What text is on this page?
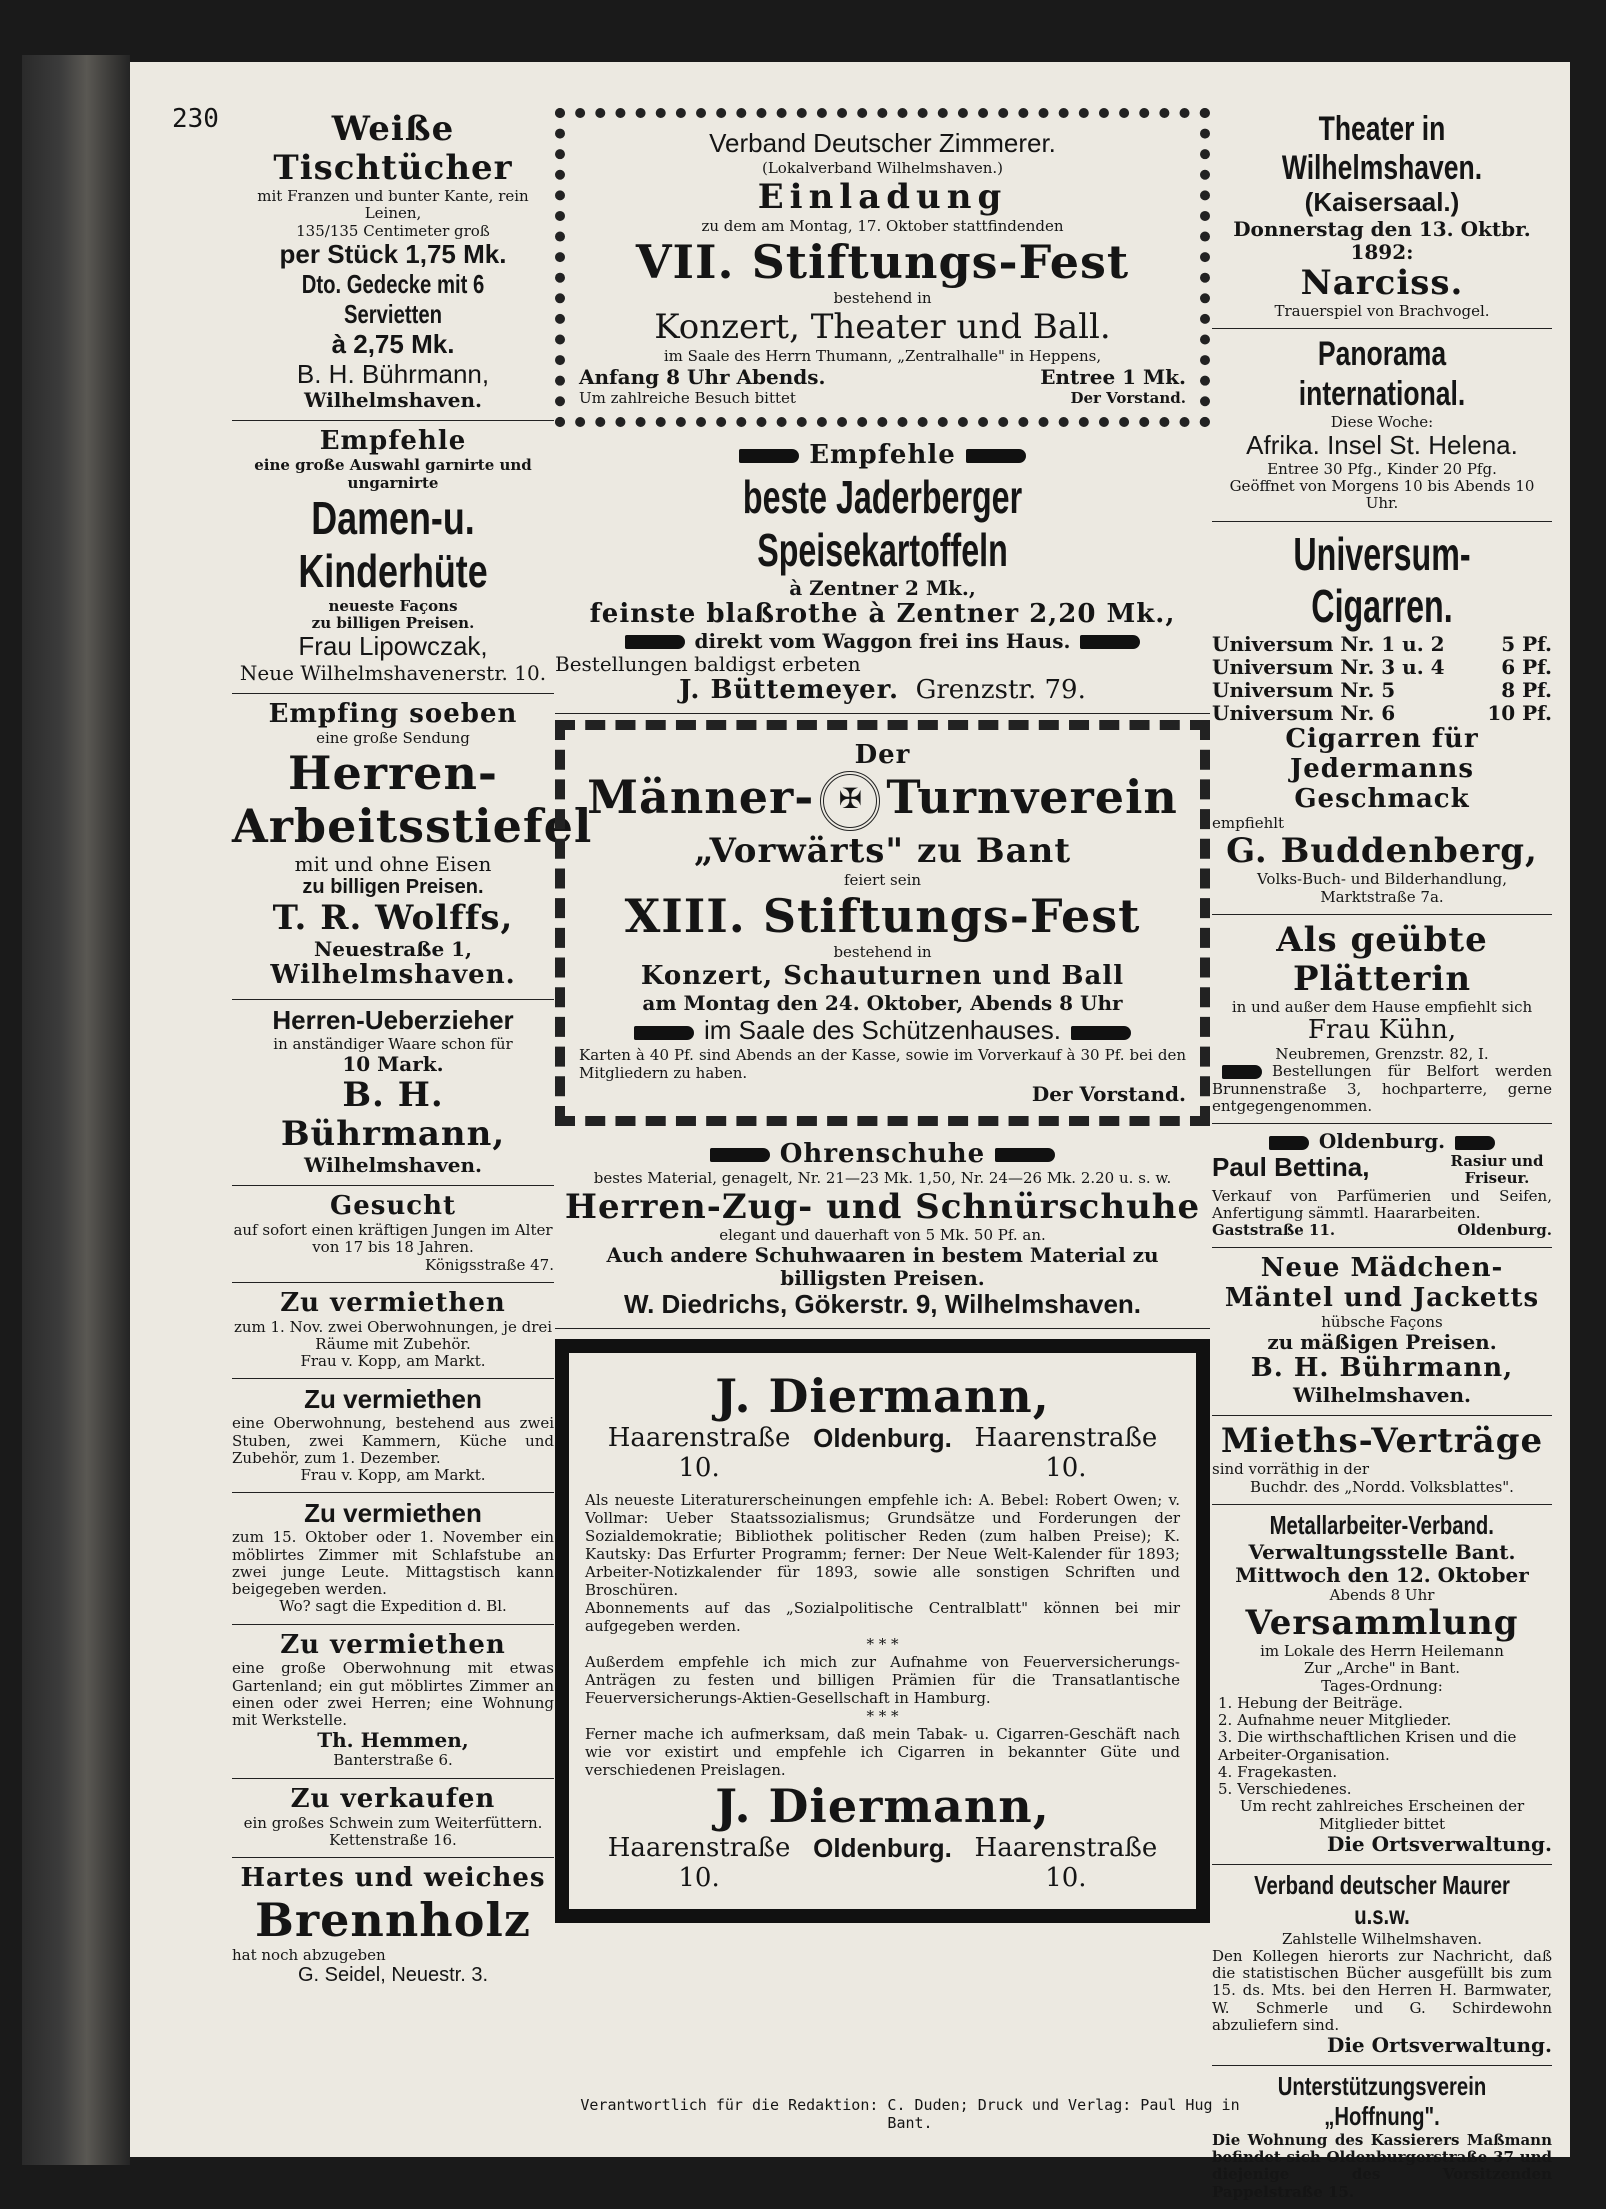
230	Weiße Tischtücher
mit Franzen und bunter Kante, rein Leinen,
135/135 Centimeter groß
per Stück 1,75 Mk.
Dto. Gedecke mit 6 Servietten
à 2,75 Mk.
B. H. Bührmann,
Wilhelmshaven.
Empfehle
eine große Auswahl garnirte und ungarnirte
Damen-u. Kinderhüte
neueste Façons
zu billigen Preisen.
Frau Lipowczak,
Neue Wilhelmshavenerstr. 10.
Empfing soeben
eine große Sendung
Herren-
Arbeitsstiefel
mit und ohne Eisen
zu billigen Preisen.
T. R. Wolffs,
Neuestraße 1,
Wilhelmshaven.
Herren-Ueberzieher
in anständiger Waare schon für
10 Mark.
B. H. Bührmann,
Wilhelmshaven.
Gesucht
auf sofort einen kräftigen Jungen im Alter von 17 bis 18 Jahren.
Königsstraße 47.
Zu vermiethen
zum 1. Nov. zwei Oberwohnungen, je drei Räume mit Zubehör.
Frau v. Kopp, am Markt.
Zu vermiethen
eine Oberwohnung, bestehend aus zwei Stuben, zwei Kammern, Küche und Zubehör, zum 1. Dezember.
Frau v. Kopp, am Markt.
Zu vermiethen
zum 15. Oktober oder 1. November ein möblirtes Zimmer mit Schlafstube an zwei junge Leute. Mittagstisch kann beigegeben werden.
Wo? sagt die Expedition d. Bl.
Zu vermiethen
eine große Oberwohnung mit etwas Gartenland; ein gut möblirtes Zimmer an einen oder zwei Herren; eine Wohnung mit Werkstelle.
Th. Hemmen,
Banterstraße 6.
Zu verkaufen
ein großes Schwein zum Weiterfüttern.
Kettenstraße 16.
Hartes und weiches
Brennholz
hat noch abzugeben
G. Seidel, Neuestr. 3.
Verband Deutscher Zimmerer.
(Lokalverband Wilhelmshaven.)
Einladung
zu dem am Montag, 17. Oktober stattfindenden
VII. Stiftungs-Fest
bestehend in
Konzert, Theater und Ball.
im Saale des Herrn Thumann, „Zentralhalle" in Heppens,
Anfang 8 Uhr Abends.	Entree 1 Mk.
Um zahlreiche Besuch bittet	Der Vorstand.
Empfehle
beste Jaderberger Speisekartoffeln
à Zentner 2 Mk.,
feinste blaßrothe à Zentner 2,20 Mk.,
direkt vom Waggon frei ins Haus.
Bestellungen baldigst erbeten
J. Büttemeyer. Grenzstr. 79.
Der
Männer- ✠ Turnverein
„Vorwärts" zu Bant
feiert sein
XIII. Stiftungs-Fest
bestehend in
Konzert, Schauturnen und Ball
am Montag den 24. Oktober, Abends 8 Uhr
im Saale des Schützenhauses.
Karten à 40 Pf. sind Abends an der Kasse, sowie im Vorverkauf à 30 Pf. bei den Mitgliedern zu haben.
Der Vorstand.
Ohrenschuhe
bestes Material, genagelt, Nr. 21—23 Mk. 1,50, Nr. 24—26 Mk. 2.20 u. s. w.
Herren-Zug- und Schnürschuhe
elegant und dauerhaft von 5 Mk. 50 Pf. an.
Auch andere Schuhwaaren in bestem Material zu billigsten Preisen.
W. Diedrichs, Gökerstr. 9, Wilhelmshaven.
J. Diermann,
Haarenstraße 10.
Oldenburg. Haarenstraße 10.
Als neueste Literaturerscheinungen empfehle ich: A. Bebel: Robert Owen; v. Vollmar: Ueber Staatssozialismus; Grundsätze und Forderungen der Sozialdemokratie; Bibliothek politischer Reden (zum halben Preise); K. Kautsky: Das Erfurter Programm; ferner: Der Neue Welt-Kalender für 1893; Arbeiter-Notizkalender für 1893, sowie alle sonstigen Schriften und Broschüren.
Abonnements auf das „Sozialpolitische Centralblatt" können bei mir aufgegeben werden.
* * *
Außerdem empfehle ich mich zur Aufnahme von Feuerversicherungs-Anträgen zu festen und billigen Prämien für die Transatlantische Feuerversicherungs-Aktien-Gesellschaft in Hamburg.
* * *
Ferner mache ich aufmerksam, daß mein Tabak- u. Cigarren-Geschäft nach wie vor existirt und empfehle ich Cigarren in bekannter Güte und verschiedenen Preislagen.
J. Diermann,
Haarenstraße 10.
Oldenburg. Haarenstraße 10.
Theater in Wilhelmshaven.
(Kaisersaal.)
Donnerstag den 13. Oktbr. 1892:
Narciss.
Trauerspiel von Brachvogel.
Panorama international.
Diese Woche:
Afrika. Insel St. Helena.
Entree 30 Pfg., Kinder 20 Pfg.
Geöffnet von Morgens 10 bis Abends 10 Uhr.
Universum-Cigarren.
Universum Nr. 1 u. 2	5 Pf.
Universum Nr. 3 u. 4	6 Pf.
Universum Nr. 5	8 Pf.
Universum Nr. 6	10 Pf.
Cigarren für Jedermanns Geschmack
empfiehlt
G. Buddenberg,
Volks-Buch- und Bilderhandlung, Marktstraße 7a.
Als geübte Plätterin
in und außer dem Hause empfiehlt sich
Frau Kühn,
Neubremen, Grenzstr. 82, I.
Bestellungen für Belfort werden Brunnenstraße 3, hochparterre, gerne entgegengenommen.
Oldenburg.
Paul Bettina,	Rasiur und Friseur.
Verkauf von Parfümerien und Seifen, Anfertigung sämmtl. Haararbeiten.
Gaststraße 11.	Oldenburg.
Neue Mädchen-Mäntel und Jacketts
hübsche Façons
zu mäßigen Preisen.
B. H. Bührmann,
Wilhelmshaven.
Mieths-Verträge
sind vorräthig in der
Buchdr. des „Nordd. Volksblattes".
Metallarbeiter-Verband.
Verwaltungsstelle Bant.
Mittwoch den 12. Oktober
Abends 8 Uhr
Versammlung
im Lokale des Herrn Heilemann
Zur „Arche" in Bant.
Tages-Ordnung:
1. Hebung der Beiträge.
2. Aufnahme neuer Mitglieder.
3. Die wirthschaftlichen Krisen und die Arbeiter-Organisation.
4. Fragekasten.
5. Verschiedenes.
Um recht zahlreiches Erscheinen der Mitglieder bittet
Die Ortsverwaltung.
Verband deutscher Maurer u.s.w.
Zahlstelle Wilhelmshaven.
Den Kollegen hierorts zur Nachricht, daß die statistischen Bücher ausgefüllt bis zum 15. ds. Mts. bei den Herren H. Barmwater, W. Schmerle und G. Schirdewohn abzuliefern sind.
Die Ortsverwaltung.
Unterstützungsverein „Hoffnung".
Die Wohnung des Kassierers Maßmann befindet sich Oldenburgerstraße 37 und diejenige des Vorsitzenden Pappelstraße 15.
Verantwortlich für die Redaktion: C. Duden; Druck und Verlag: Paul Hug in Bant.
